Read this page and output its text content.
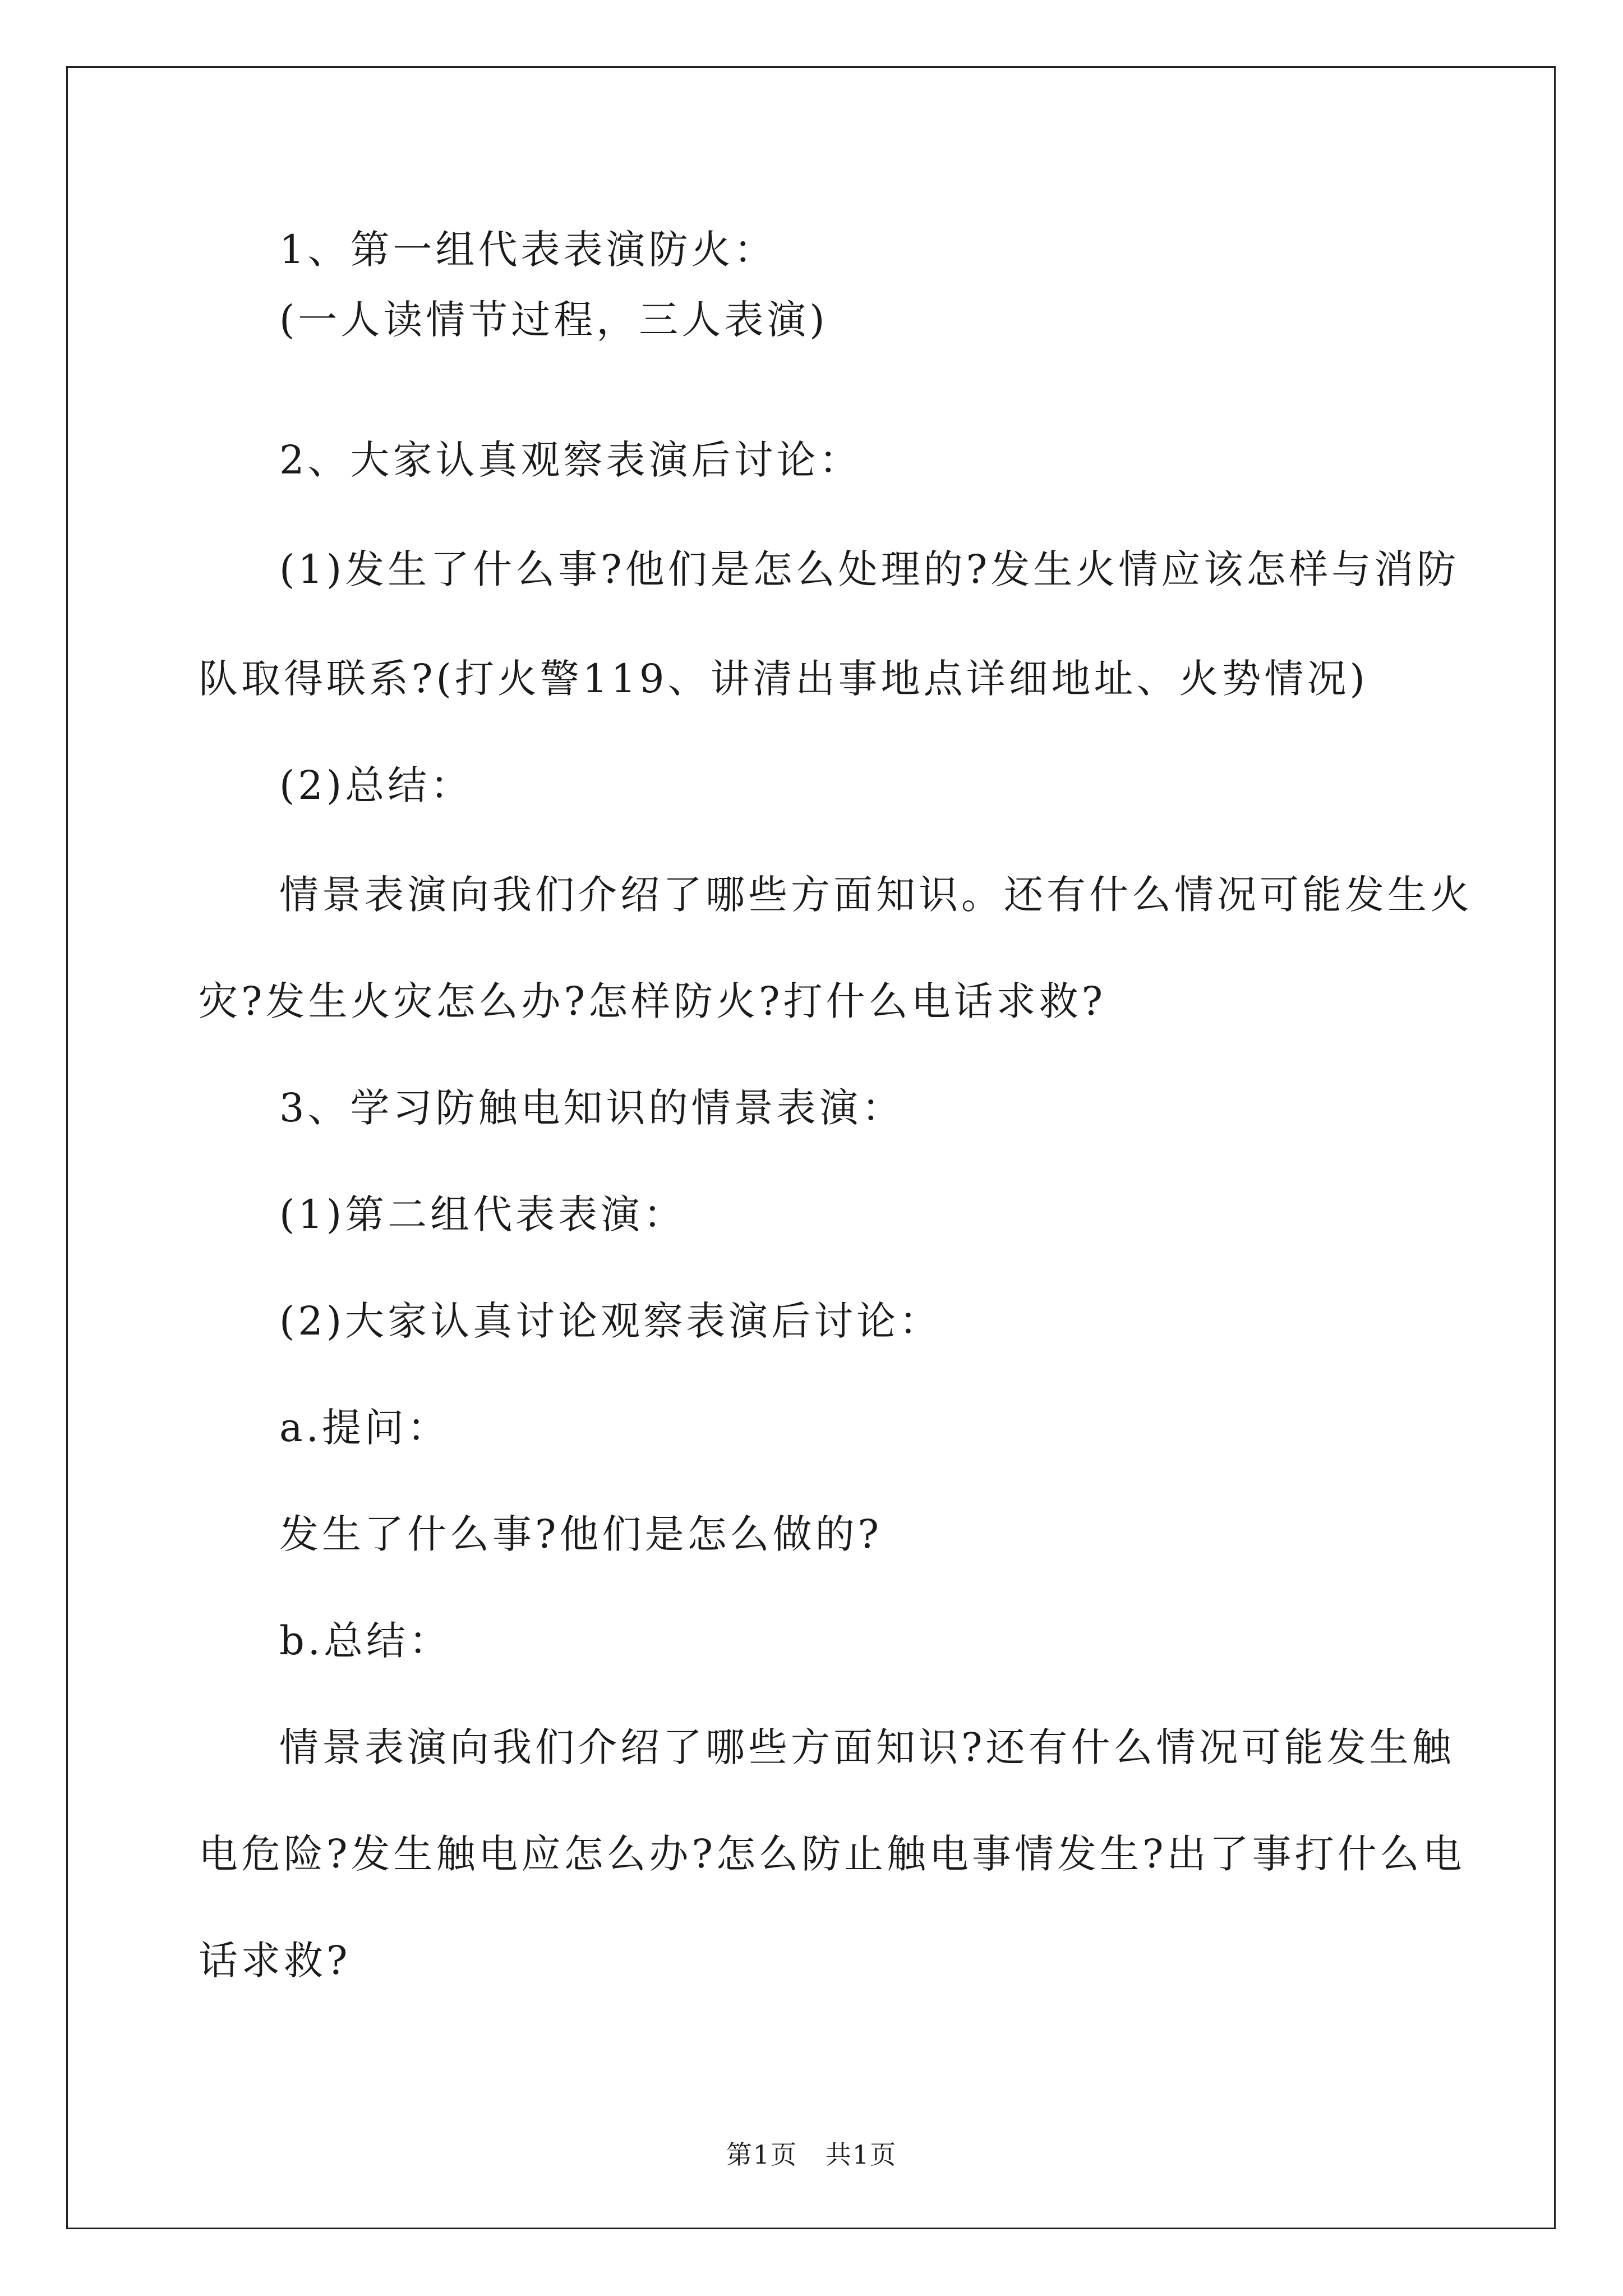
1、第一组代表表演防火：
(一人读情节过程，三人表演)
2、大家认真观察表演后讨论：
(1)发生了什么事?他们是怎么处理的?发生火情应该怎样与消防
队取得联系?(打火警119、讲清出事地点详细地址、火势情况)
(2)总结：
情景表演向我们介绍了哪些方面知识。还有什么情况可能发生火
灾?发生火灾怎么办?怎样防火?打什么电话求救?
3、学习防触电知识的情景表演：
(1)第二组代表表演：
(2)大家认真讨论观察表演后讨论：
a.提问：
发生了什么事?他们是怎么做的?
b.总结：
情景表演向我们介绍了哪些方面知识?还有什么情况可能发生触
电危险?发生触电应怎么办?怎么防止触电事情发生?出了事打什么电
话求救?
第1页   共1页
